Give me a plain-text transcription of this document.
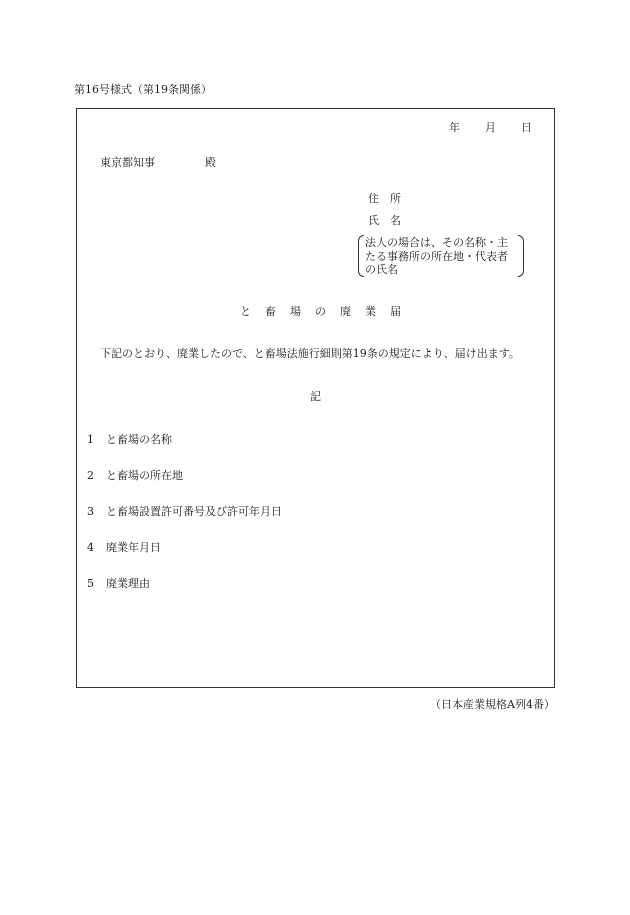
第16号様式（第19条関係）
年 月 日
東京都知事	殿
住　所
氏　名
法人の場合は、その名称・主
たる事務所の所在地・代表者
の氏名
と畜場の廃業届
下記のとおり、廃業したので、と畜場法施行細則第19条の規定により、届け出ます。
記
1 と畜場の名称
2 と畜場の所在地
3 と畜場設置許可番号及び許可年月日
4 廃業年月日
5 廃業理由
（日本産業規格A列4番）
